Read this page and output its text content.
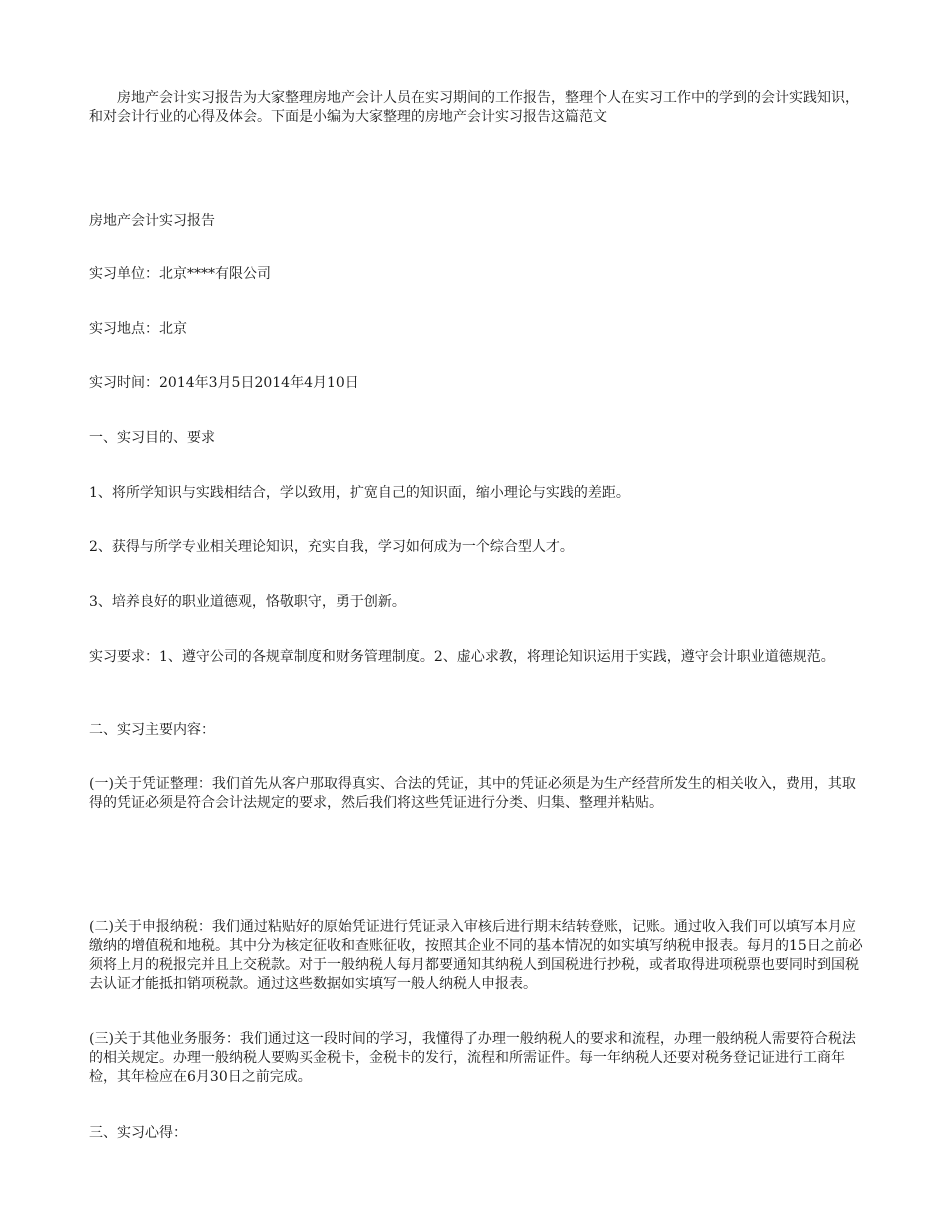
房地产会计实习报告为大家整理房地产会计人员在实习期间的工作报告，整理个人在实习工作中的学到的会计实践知识，和对会计行业的心得及体会。下面是小编为大家整理的房地产会计实习报告这篇范文

房地产会计实习报告

实习单位：北京****有限公司

实习地点：北京

实习时间：2014年3月5日2014年4月10日

一、实习目的、要求

1、将所学知识与实践相结合，学以致用，扩宽自己的知识面，缩小理论与实践的差距。

2、获得与所学专业相关理论知识，充实自我，学习如何成为一个综合型人才。

3、培养良好的职业道德观，恪敬职守，勇于创新。

实习要求：1、遵守公司的各规章制度和财务管理制度。2、虚心求教，将理论知识运用于实践，遵守会计职业道德规范。

二、实习主要内容：

(一)关于凭证整理：我们首先从客户那取得真实、合法的凭证，其中的凭证必须是为生产经营所发生的相关收入，费用，其取得的凭证必须是符合会计法规定的要求，然后我们将这些凭证进行分类、归集、整理并粘贴。

(二)关于申报纳税：我们通过粘贴好的原始凭证进行凭证录入审核后进行期末结转登账，记账。通过收入我们可以填写本月应缴纳的增值税和地税。其中分为核定征收和查账征收，按照其企业不同的基本情况的如实填写纳税申报表。每月的15日之前必须将上月的税报完并且上交税款。对于一般纳税人每月都要通知其纳税人到国税进行抄税，或者取得进项税票也要同时到国税去认证才能抵扣销项税款。通过这些数据如实填写一般人纳税人申报表。

(三)关于其他业务服务：我们通过这一段时间的学习，我懂得了办理一般纳税人的要求和流程，办理一般纳税人需要符合税法的相关规定。办理一般纳税人要购买金税卡，金税卡的发行，流程和所需证件。每一年纳税人还要对税务登记证进行工商年检，其年检应在6月30日之前完成。

三、实习心得：
